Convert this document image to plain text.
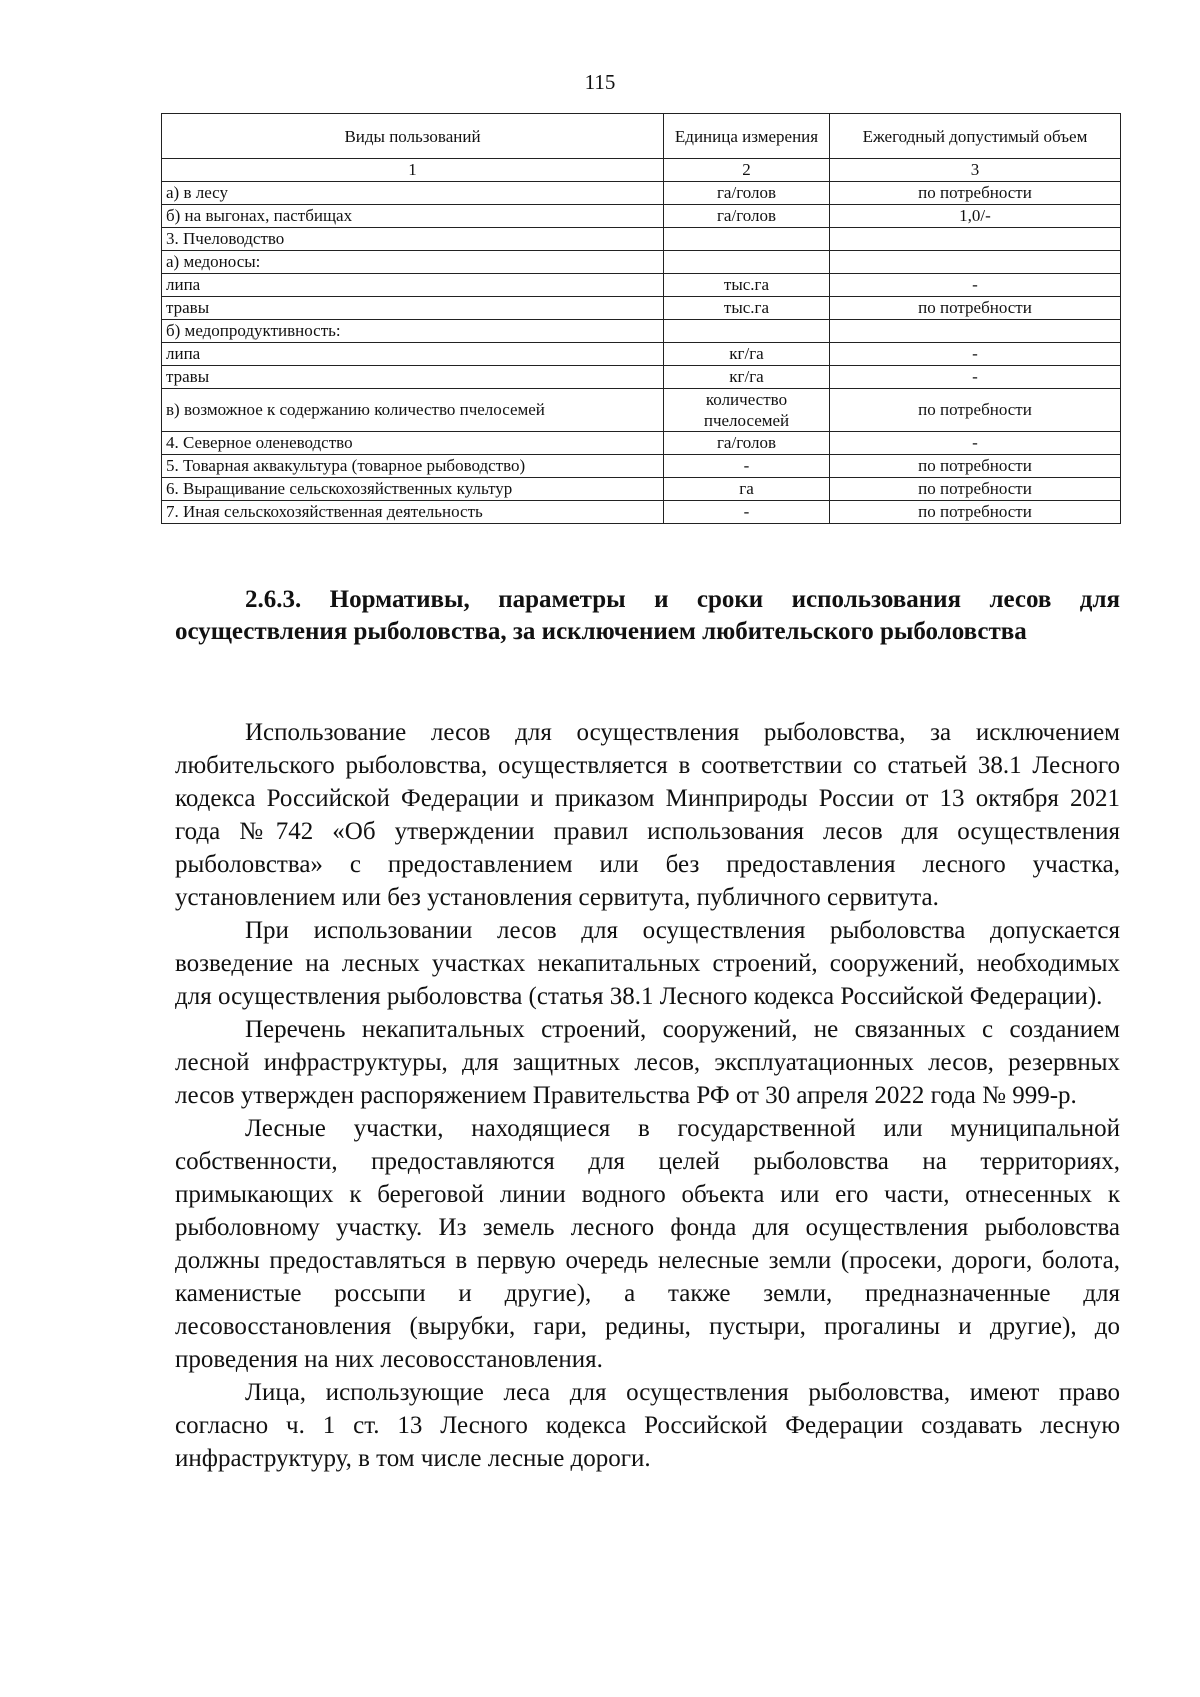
115
Виды пользований	Единица измерения	Ежегодный допустимый объем
1	2	3
а) в лесу	га/голов	по потребности
б) на выгонах, пастбищах	га/голов	1,0/-
3. Пчеловодство		
а) медоносы:		
липа	тыс.га	-
травы	тыс.га	по потребности
б) медопродуктивность:		
липа	кг/га	-
травы	кг/га	-
в) возможное к содержанию количество пчелосемей	количество пчелосемей	по потребности
4. Северное оленеводство	га/голов	-
5. Товарная аквакультура (товарное рыбоводство)	-	по потребности
6. Выращивание сельскохозяйственных культур	га	по потребности
7. Иная сельскохозяйственная деятельность	-	по потребности
2.6.3. Нормативы, параметры и сроки использования лесов для осуществления рыболовства, за исключением любительского рыболовства

Использование лесов для осуществления рыболовства, за исключением любительского рыболовства, осуществляется в соответствии со статьей 38.1 Лесного кодекса Российской Федерации и приказом Минприроды России от 13 октября 2021 года №742 «Об утверждении правил использования лесов для осуществления рыболовства» с предоставлением или без предоставления лесного участка, установлением или без установления сервитута, публичного сервитута.

При использовании лесов для осуществления рыболовства допускается возведение на лесных участках некапитальных строений, сооружений, необходимых для осуществления рыболовства (статья 38.1 Лесного кодекса Российской Федерации).

Перечень некапитальных строений, сооружений, не связанных с созданием лесной инфраструктуры, для защитных лесов, эксплуатационных лесов, резервных лесов утвержден распоряжением Правительства РФ от 30 апреля 2022 года № 999-р.

Лесные участки, находящиеся в государственной или муниципальной собственности, предоставляются для целей рыболовства на территориях, примыкающих к береговой линии водного объекта или его части, отнесенных к рыболовному участку. Из земель лесного фонда для осуществления рыболовства должны предоставляться в первую очередь нелесные земли (просеки, дороги, болота, каменистые россыпи и другие), а также земли, предназначенные для лесовосстановления (вырубки, гари, редины, пустыри, прогалины и другие), до проведения на них лесовосстановления.

Лица, использующие леса для осуществления рыболовства, имеют право согласно ч. 1 ст. 13 Лесного кодекса Российской Федерации создавать лесную инфраструктуру, в том числе лесные дороги.
